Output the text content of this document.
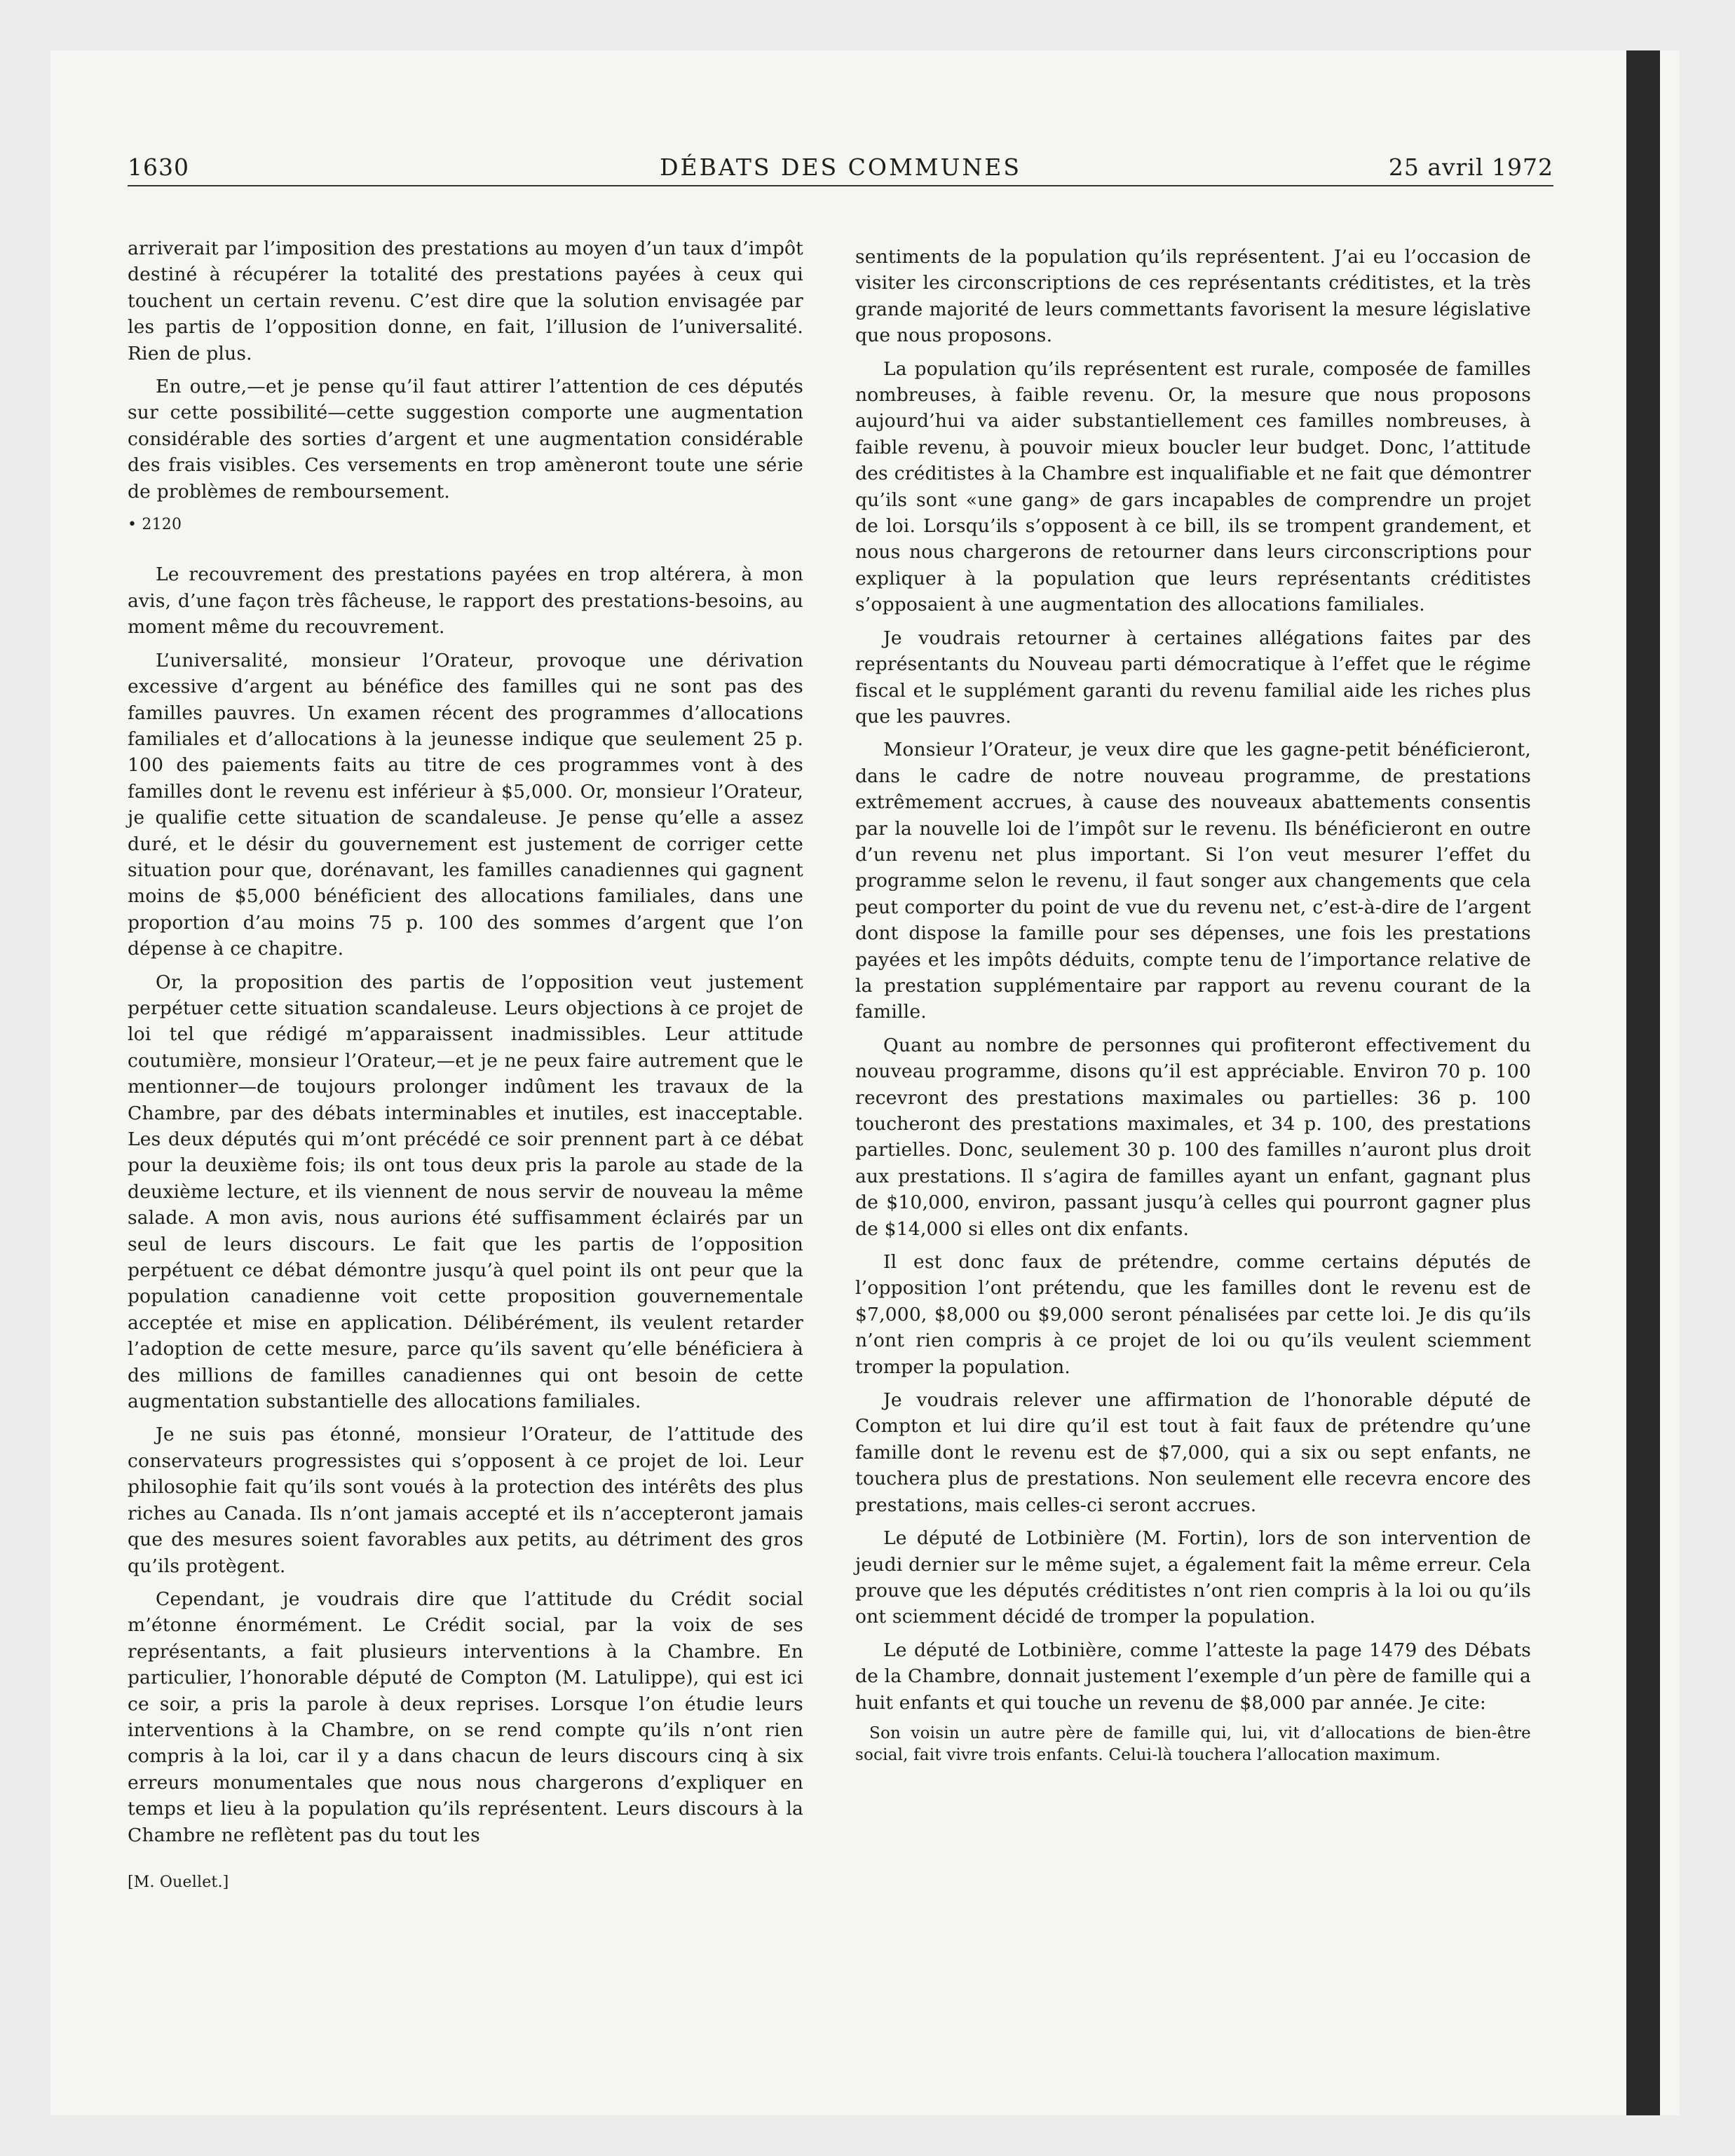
1630	DÉBATS DES COMMUNES	25 avril 1972

arriverait par l’imposition des prestations au moyen d’un taux d’impôt destiné à récupérer la totalité des prestations payées à ceux qui touchent un certain revenu. C’est dire que la solution envisagée par les partis de l’opposition donne, en fait, l’illusion de l’universalité. Rien de plus.

En outre,—et je pense qu’il faut attirer l’attention de ces députés sur cette possibilité—cette suggestion comporte une augmentation considérable des sorties d’argent et une augmentation considérable des frais visibles. Ces versements en trop amèneront toute une série de problèmes de remboursement.

• 2120

Le recouvrement des prestations payées en trop altérera, à mon avis, d’une façon très fâcheuse, le rapport des prestations-besoins, au moment même du recouvrement.

L’universalité, monsieur l’Orateur, provoque une dérivation excessive d’argent au bénéfice des familles qui ne sont pas des familles pauvres. Un examen récent des programmes d’allocations familiales et d’allocations à la jeunesse indique que seulement 25 p. 100 des paiements faits au titre de ces programmes vont à des familles dont le revenu est inférieur à $5,000. Or, monsieur l’Orateur, je qualifie cette situation de scandaleuse. Je pense qu’elle a assez duré, et le désir du gouvernement est justement de corriger cette situation pour que, dorénavant, les familles canadiennes qui gagnent moins de $5,000 bénéficient des allocations familiales, dans une proportion d’au moins 75 p. 100 des sommes d’argent que l’on dépense à ce chapitre.

Or, la proposition des partis de l’opposition veut justement perpétuer cette situation scandaleuse. Leurs objections à ce projet de loi tel que rédigé m’apparaissent inadmissibles. Leur attitude coutumière, monsieur l’Orateur,—et je ne peux faire autrement que le mentionner—de toujours prolonger indûment les travaux de la Chambre, par des débats interminables et inutiles, est inacceptable. Les deux députés qui m’ont précédé ce soir prennent part à ce débat pour la deuxième fois; ils ont tous deux pris la parole au stade de la deuxième lecture, et ils viennent de nous servir de nouveau la même salade. A mon avis, nous aurions été suffisamment éclairés par un seul de leurs discours. Le fait que les partis de l’opposition perpétuent ce débat démontre jusqu’à quel point ils ont peur que la population canadienne voit cette proposition gouvernementale acceptée et mise en application. Délibérément, ils veulent retarder l’adoption de cette mesure, parce qu’ils savent qu’elle bénéficiera à des millions de familles canadiennes qui ont besoin de cette augmentation substantielle des allocations familiales.

Je ne suis pas étonné, monsieur l’Orateur, de l’attitude des conservateurs progressistes qui s’opposent à ce projet de loi. Leur philosophie fait qu’ils sont voués à la protection des intérêts des plus riches au Canada. Ils n’ont jamais accepté et ils n’accepteront jamais que des mesures soient favorables aux petits, au détriment des gros qu’ils protègent.

Cependant, je voudrais dire que l’attitude du Crédit social m’étonne énormément. Le Crédit social, par la voix de ses représentants, a fait plusieurs interventions à la Chambre. En particulier, l’honorable député de Compton (M. Latulippe), qui est ici ce soir, a pris la parole à deux reprises. Lorsque l’on étudie leurs interventions à la Chambre, on se rend compte qu’ils n’ont rien compris à la loi, car il y a dans chacun de leurs discours cinq à six erreurs monumentales que nous nous chargerons d’expliquer en temps et lieu à la population qu’ils représentent. Leurs discours à la Chambre ne reflètent pas du tout les

[M. Ouellet.]

sentiments de la population qu’ils représentent. J’ai eu l’occasion de visiter les circonscriptions de ces représentants créditistes, et la très grande majorité de leurs commettants favorisent la mesure législative que nous proposons.

La population qu’ils représentent est rurale, composée de familles nombreuses, à faible revenu. Or, la mesure que nous proposons aujourd’hui va aider substantiellement ces familles nombreuses, à faible revenu, à pouvoir mieux boucler leur budget. Donc, l’attitude des créditistes à la Chambre est inqualifiable et ne fait que démontrer qu’ils sont «une gang» de gars incapables de comprendre un projet de loi. Lorsqu’ils s’opposent à ce bill, ils se trompent grandement, et nous nous chargerons de retourner dans leurs circonscriptions pour expliquer à la population que leurs représentants créditistes s’opposaient à une augmentation des allocations familiales.

Je voudrais retourner à certaines allégations faites par des représentants du Nouveau parti démocratique à l’effet que le régime fiscal et le supplément garanti du revenu familial aide les riches plus que les pauvres.

Monsieur l’Orateur, je veux dire que les gagne-petit bénéficieront, dans le cadre de notre nouveau programme, de prestations extrêmement accrues, à cause des nouveaux abattements consentis par la nouvelle loi de l’impôt sur le revenu. Ils bénéficieront en outre d’un revenu net plus important. Si l’on veut mesurer l’effet du programme selon le revenu, il faut songer aux changements que cela peut comporter du point de vue du revenu net, c’est-à-dire de l’argent dont dispose la famille pour ses dépenses, une fois les prestations payées et les impôts déduits, compte tenu de l’importance relative de la prestation supplémentaire par rapport au revenu courant de la famille.

Quant au nombre de personnes qui profiteront effectivement du nouveau programme, disons qu’il est appréciable. Environ 70 p. 100 recevront des prestations maximales ou partielles: 36 p. 100 toucheront des prestations maximales, et 34 p. 100, des prestations partielles. Donc, seulement 30 p. 100 des familles n’auront plus droit aux prestations. Il s’agira de familles ayant un enfant, gagnant plus de $10,000, environ, passant jusqu’à celles qui pourront gagner plus de $14,000 si elles ont dix enfants.

Il est donc faux de prétendre, comme certains députés de l’opposition l’ont prétendu, que les familles dont le revenu est de $7,000, $8,000 ou $9,000 seront pénalisées par cette loi. Je dis qu’ils n’ont rien compris à ce projet de loi ou qu’ils veulent sciemment tromper la population.

Je voudrais relever une affirmation de l’honorable député de Compton et lui dire qu’il est tout à fait faux de prétendre qu’une famille dont le revenu est de $7,000, qui a six ou sept enfants, ne touchera plus de prestations. Non seulement elle recevra encore des prestations, mais celles-ci seront accrues.

Le député de Lotbinière (M. Fortin), lors de son intervention de jeudi dernier sur le même sujet, a également fait la même erreur. Cela prouve que les députés créditistes n’ont rien compris à la loi ou qu’ils ont sciemment décidé de tromper la population.

Le député de Lotbinière, comme l’atteste la page 1479 des Débats de la Chambre, donnait justement l’exemple d’un père de famille qui a huit enfants et qui touche un revenu de $8,000 par année. Je cite:

Son voisin un autre père de famille qui, lui, vit d’allocations de bien-être social, fait vivre trois enfants. Celui-là touchera l’allocation maximum.
